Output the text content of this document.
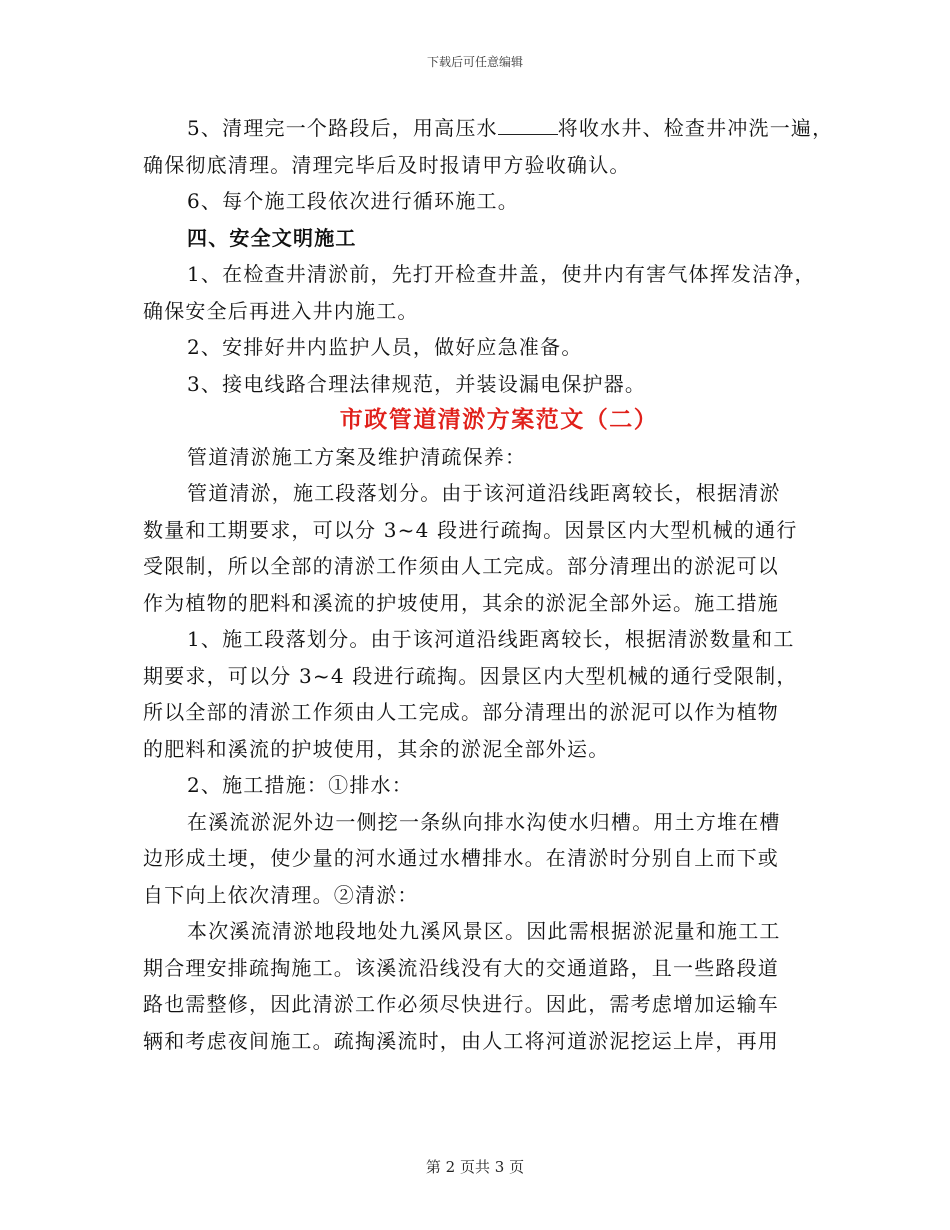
下载后可任意编辑
5、清理完一个路段后，用高压水	将收水井、检查井冲洗一遍，
确保彻底清理。清理完毕后及时报请甲方验收确认。
6、每个施工段依次进行循环施工。
四、安全文明施工
1、在检查井清淤前，先打开检查井盖，使井内有害气体挥发洁净，
确保安全后再进入井内施工。
2、安排好井内监护人员，做好应急准备。
3、接电线路合理法律规范，并装设漏电保护器。
市政管道清淤方案范文（二）
管道清淤施工方案及维护清疏保养：
管道清淤，施工段落划分。由于该河道沿线距离较长，根据清淤
数量和工期要求，可以分 3~4 段进行疏掏。因景区内大型机械的通行
受限制，所以全部的清淤工作须由人工完成。部分清理出的淤泥可以
作为植物的肥料和溪流的护坡使用，其余的淤泥全部外运。施工措施
1、施工段落划分。由于该河道沿线距离较长，根据清淤数量和工
期要求，可以分 3~4 段进行疏掏。因景区内大型机械的通行受限制，
所以全部的清淤工作须由人工完成。部分清理出的淤泥可以作为植物
的肥料和溪流的护坡使用，其余的淤泥全部外运。
2、施工措施：①排水：
在溪流淤泥外边一侧挖一条纵向排水沟使水归槽。用土方堆在槽
边形成土埂，使少量的河水通过水槽排水。在清淤时分别自上而下或
自下向上依次清理。②清淤：
本次溪流清淤地段地处九溪风景区。因此需根据淤泥量和施工工
期合理安排疏掏施工。该溪流沿线没有大的交通道路，且一些路段道
路也需整修，因此清淤工作必须尽快进行。因此，需考虑增加运输车
辆和考虑夜间施工。疏掏溪流时，由人工将河道淤泥挖运上岸，再用
第 2 页共 3 页
